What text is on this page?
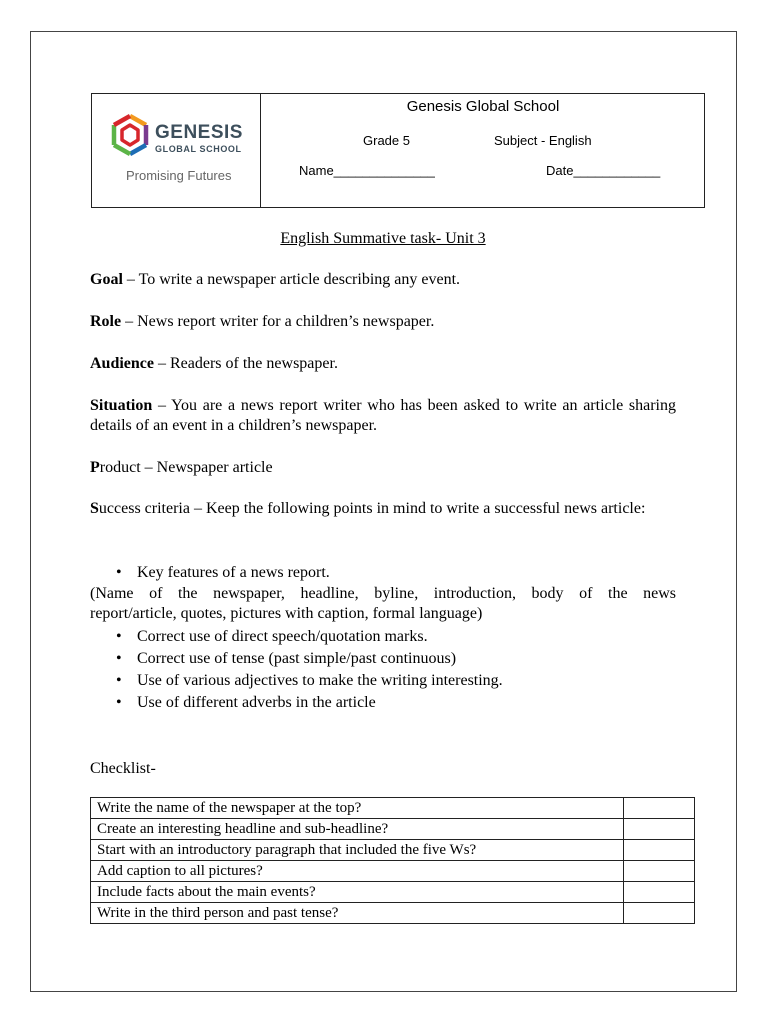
GENESIS
GLOBAL SCHOOL
Promising Futures
Genesis Global School
Grade 5	Subject - English
Name______________	Date____________
English Summative task- Unit 3
Goal – To write a newspaper article describing any event.
Role – News report writer for a children’s newspaper.
Audience – Readers of the newspaper.
Situation – You are a news report writer who has been asked to write an article sharing details of an event in a children’s newspaper.
Product – Newspaper article
Success criteria – Keep the following points in mind to write a successful news article:
• Key features of a news report.
(Name of the newspaper, headline, byline, introduction, body of the news
report/article, quotes, pictures with caption, formal language)
• Correct use of direct speech/quotation marks.
• Correct use of tense (past simple/past continuous)
• Use of various adjectives to make the writing interesting.
• Use of different adverbs in the article
Checklist-
Write the name of the newspaper at the top?	
Create an interesting headline and sub-headline?	
Start with an introductory paragraph that included the five Ws?	
Add caption to all pictures?	
Include facts about the main events?	
Write in the third person and past tense?	
